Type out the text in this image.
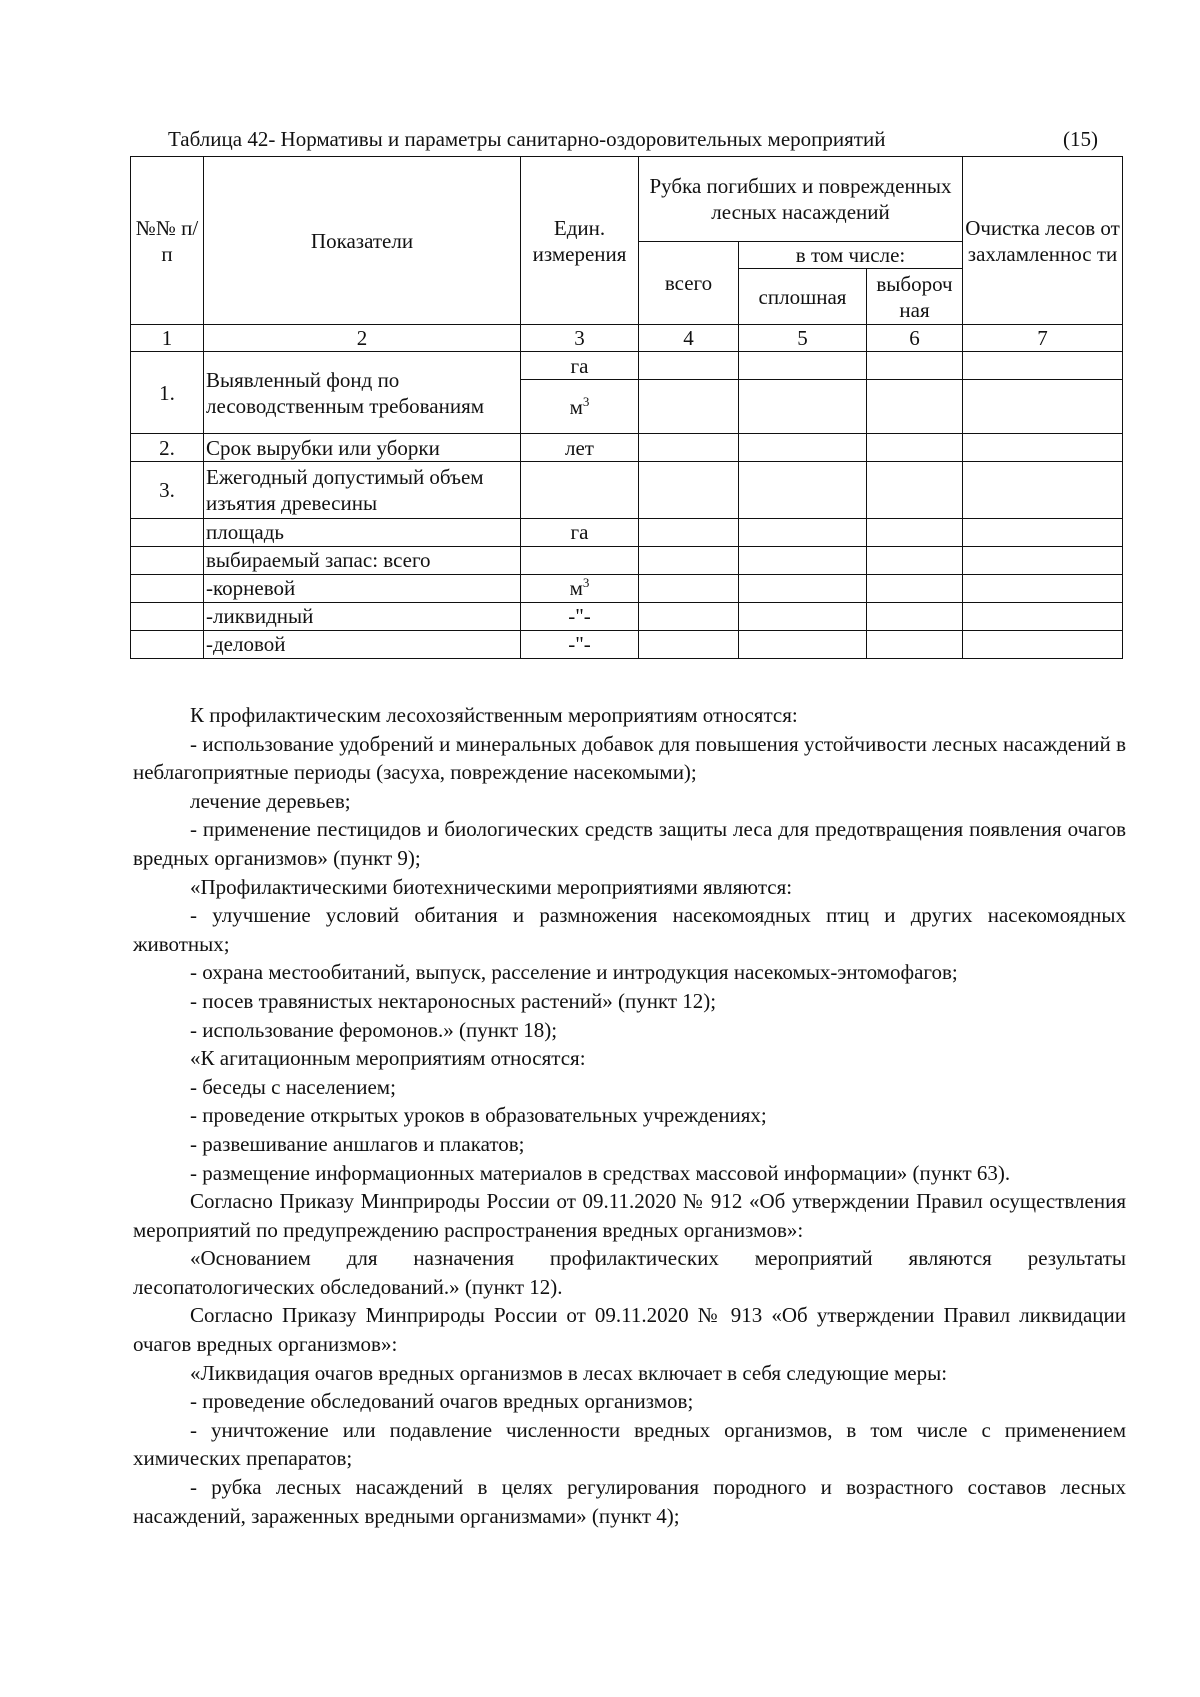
Таблица 42- Нормативы и параметры санитарно-оздоровительных мероприятий	(15)
№№ п/п	Показатели	Един. измерения	Рубка погибших и поврежденных лесных насаждений			Очистка лесов от захламленнос ти
			всего	в том числе:		
				сплошная	выбороч ная	
1	2	3	4	5	6	7
1.	Выявленный фонд по лесоводственным требованиям	га				
		$м^3$				
2.	Срок вырубки или уборки	лет				
3.	Ежегодный допустимый объем изъятия древесины					
	площадь	га				
	выбираемый запас: всего					
	-корневой	$м^3$				
	-ликвидный	-"-				
	-деловой	-"-				

К профилактическим лесохозяйственным мероприятиям относятся:

- использование удобрений и минеральных добавок для повышения устойчивости лесных насаждений в неблагоприятные периоды (засуха, повреждение насекомыми);

лечение деревьев;

- применение пестицидов и биологических средств защиты леса для предотвращения появления очагов вредных организмов» (пункт 9);

«Профилактическими биотехническими мероприятиями являются:

- улучшение условий обитания и размножения насекомоядных птиц и других насекомоядных животных;

- охрана местообитаний, выпуск, расселение и интродукция насекомых-энтомофагов;

- посев травянистых нектароносных растений» (пункт 12);

- использование феромонов.» (пункт 18);

«К агитационным мероприятиям относятся:

- беседы с населением;

- проведение открытых уроков в образовательных учреждениях;

- развешивание аншлагов и плакатов;

- размещение информационных материалов в средствах массовой информации» (пункт 63).

Согласно Приказу Минприроды России от 09.11.2020 № 912 «Об утверждении Правил осуществления мероприятий по предупреждению распространения вредных организмов»:

«Основанием для назначения профилактических мероприятий являются результаты лесопатологических обследований.» (пункт 12).

Согласно Приказу Минприроды России от 09.11.2020 № 913 «Об утверждении Правил ликвидации очагов вредных организмов»:

«Ликвидация очагов вредных организмов в лесах включает в себя следующие меры:

- проведение обследований очагов вредных организмов;

- уничтожение или подавление численности вредных организмов, в том числе с применением химических препаратов;

- рубка лесных насаждений в целях регулирования породного и возрастного составов лесных насаждений, зараженных вредными организмами» (пункт 4);
